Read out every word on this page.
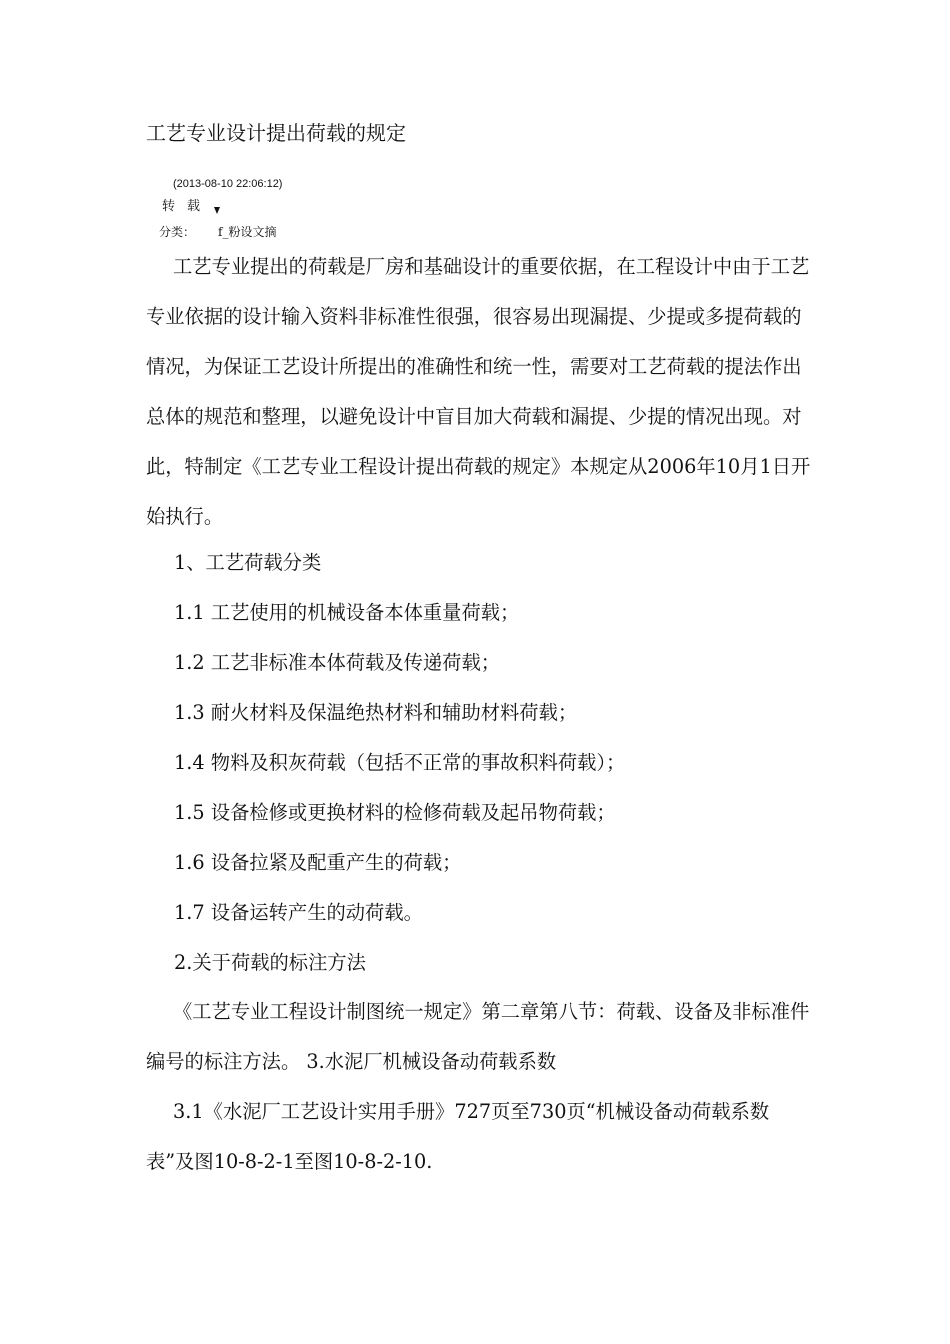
工艺专业设计提出荷载的规定
(2013-08-10 22:06:12)
转载
分类： f_粉设文摘

工艺专业提出的荷载是厂房和基础设计的重要依据，在工程设计中由于工艺专业依据的设计输入资料非标准性很强，很容易出现漏提、少提或多提荷载的情况，为保证工艺设计所提出的准确性和统一性，需要对工艺荷载的提法作出总体的规范和整理，以避免设计中盲目加大荷载和漏提、少提的情况出现。对此，特制定《工艺专业工程设计提出荷载的规定》本规定从2006年10月1日开始执行。

1、工艺荷载分类

1.1 工艺使用的机械设备本体重量荷载；

1.2 工艺非标准本体荷载及传递荷载；

1.3 耐火材料及保温绝热材料和辅助材料荷载；

1.4 物料及积灰荷载（包括不正常的事故积料荷载）；

1.5 设备检修或更换材料的检修荷载及起吊物荷载；

1.6 设备拉紧及配重产生的荷载；

1.7 设备运转产生的动荷载。

2.关于荷载的标注方法

《工艺专业工程设计制图统一规定》第二章第八节：荷载、设备及非标准件编号的标注方法。 3.水泥厂机械设备动荷载系数

3.1《水泥厂工艺设计实用手册》727页至730页“机械设备动荷载系数表”及图10-8-2-1至图10-8-2-10.
